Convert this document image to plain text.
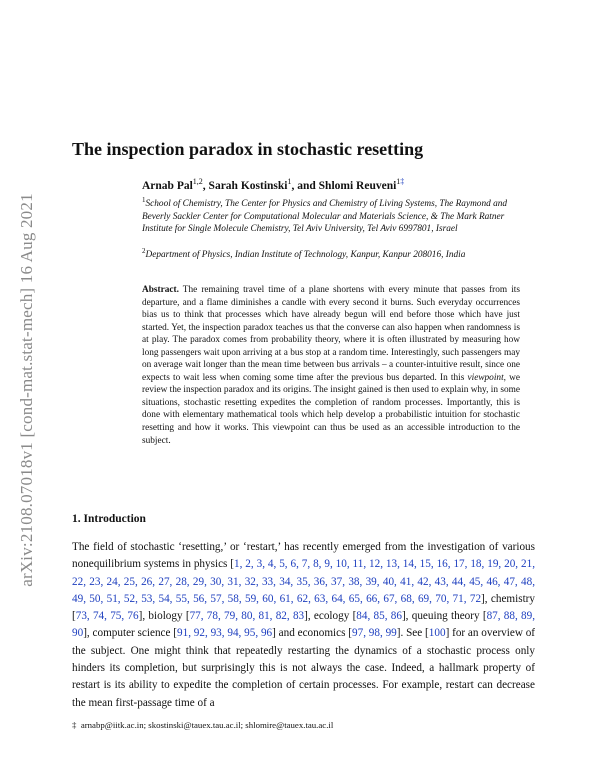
arXiv:2108.07018v1 [cond-mat.stat-mech] 16 Aug 2021
The inspection paradox in stochastic resetting
Arnab Pal$^{1,2}$, Sarah Kostinski$^1$, and Shlomi Reuveni$^{1\ddagger}$
$^1$School of Chemistry, The Center for Physics and Chemistry of Living Systems, The Raymond and Beverly Sackler Center for Computational Molecular and Materials Science, & The Mark Ratner Institute for Single Molecule Chemistry, Tel Aviv University, Tel Aviv 6997801, Israel
$^2$Department of Physics, Indian Institute of Technology, Kanpur, Kanpur 208016, India

Abstract. The remaining travel time of a plane shortens with every minute that passes from its departure, and a flame diminishes a candle with every second it burns. Such everyday occurrences bias us to think that processes which have already begun will end before those which have just started. Yet, the inspection paradox teaches us that the converse can also happen when randomness is at play. The paradox comes from probability theory, where it is often illustrated by measuring how long passengers wait upon arriving at a bus stop at a random time. Interestingly, such passengers may on average wait longer than the mean time between bus arrivals – a counter-intuitive result, since one expects to wait less when coming some time after the previous bus departed. In this viewpoint, we review the inspection paradox and its origins. The insight gained is then used to explain why, in some situations, stochastic resetting expedites the completion of random processes. Importantly, this is done with elementary mathematical tools which help develop a probabilistic intuition for stochastic resetting and how it works. This viewpoint can thus be used as an accessible introduction to the subject.

1. Introduction

The field of stochastic ‘resetting,’ or ‘restart,’ has recently emerged from the investigation of various nonequilibrium systems in physics [1, 2, 3, 4, 5, 6, 7, 8, 9, 10, 11, 12, 13, 14, 15, 16, 17, 18, 19, 20, 21, 22, 23, 24, 25, 26, 27, 28, 29, 30, 31, 32, 33, 34, 35, 36, 37, 38, 39, 40, 41, 42, 43, 44, 45, 46, 47, 48, 49, 50, 51, 52, 53, 54, 55, 56, 57, 58, 59, 60, 61, 62, 63, 64, 65, 66, 67, 68, 69, 70, 71, 72], chemistry [73, 74, 75, 76], biology [77, 78, 79, 80, 81, 82, 83], ecology [84, 85, 86], queuing theory [87, 88, 89, 90], computer science [91, 92, 93, 94, 95, 96] and economics [97, 98, 99]. See [100] for an overview of the subject. One might think that repeatedly restarting the dynamics of a stochastic process only hinders its completion, but surprisingly this is not always the case. Indeed, a hallmark property of restart is its ability to expedite the completion of certain processes. For example, restart can decrease the mean first-passage time of a

‡ arnabp@iitk.ac.in; skostinski@tauex.tau.ac.il; shlomire@tauex.tau.ac.il
